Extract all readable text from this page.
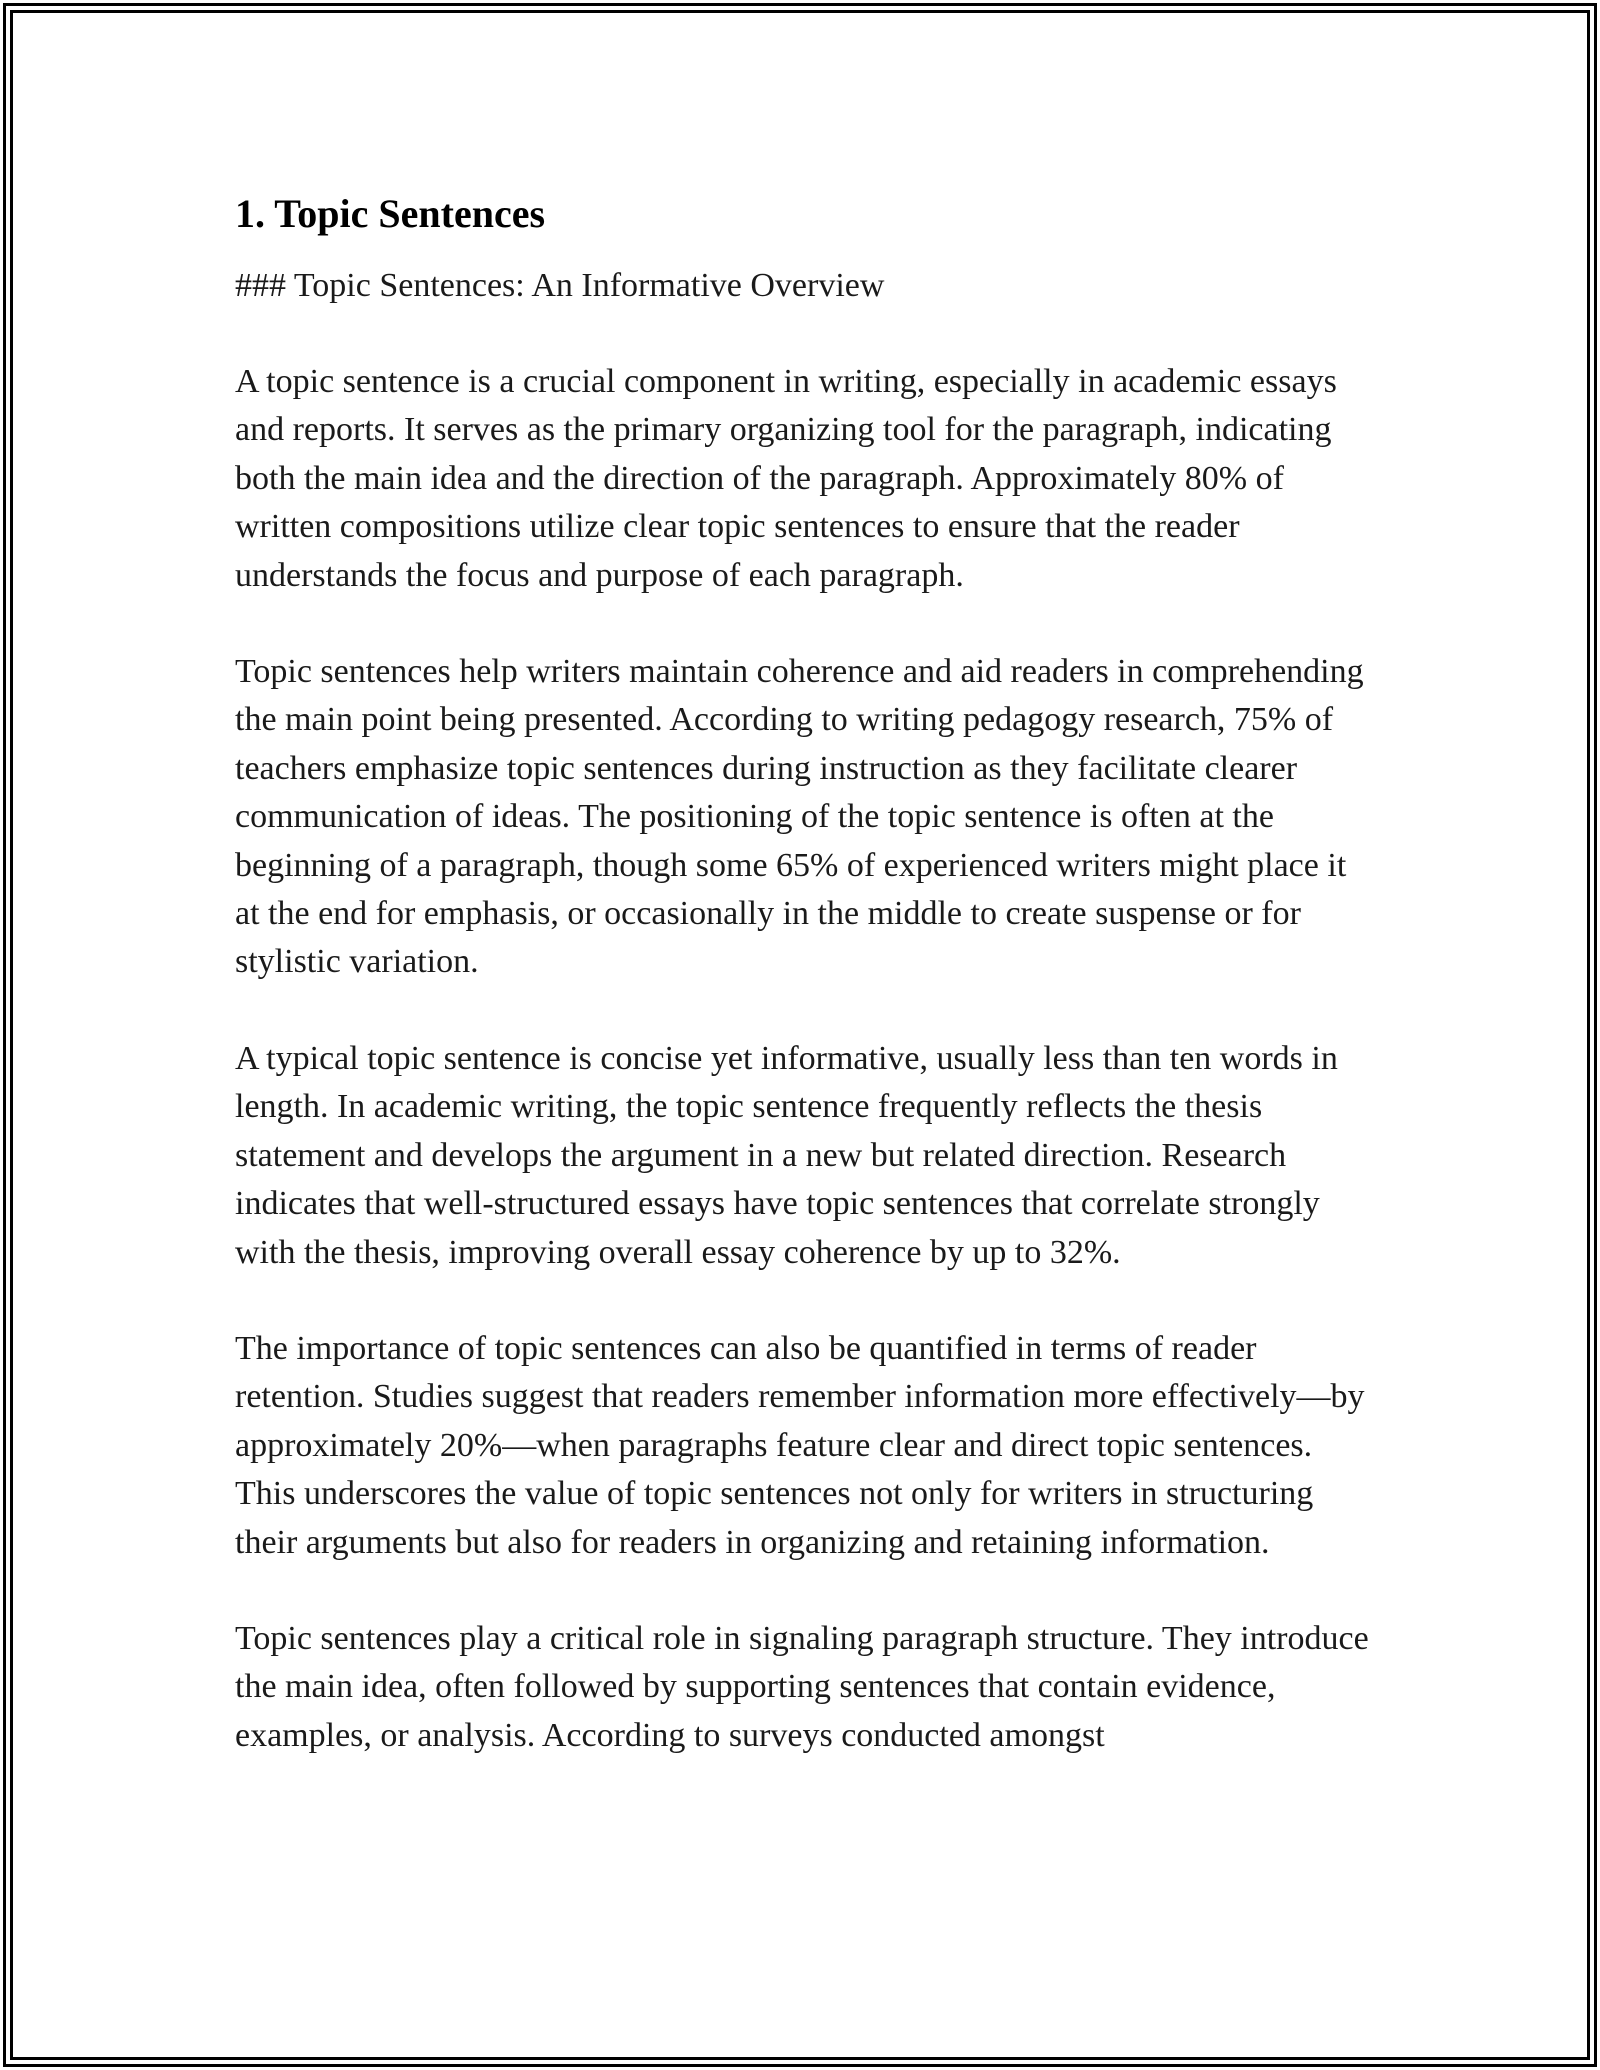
1. Topic Sentences

### Topic Sentences: An Informative Overview

A topic sentence is a crucial component in writing, especially in academic essays and reports. It serves as the primary organizing tool for the paragraph, indicating both the main idea and the direction of the paragraph. Approximately 80% of written compositions utilize clear topic sentences to ensure that the reader understands the focus and purpose of each paragraph.

Topic sentences help writers maintain coherence and aid readers in comprehending the main point being presented. According to writing pedagogy research, 75% of teachers emphasize topic sentences during instruction as they facilitate clearer communication of ideas. The positioning of the topic sentence is often at the beginning of a paragraph, though some 65% of experienced writers might place it at the end for emphasis, or occasionally in the middle to create suspense or for stylistic variation.

A typical topic sentence is concise yet informative, usually less than ten words in length. In academic writing, the topic sentence frequently reflects the thesis statement and develops the argument in a new but related direction. Research indicates that well-structured essays have topic sentences that correlate strongly with the thesis, improving overall essay coherence by up to 32%.

The importance of topic sentences can also be quantified in terms of reader retention. Studies suggest that readers remember information more effectively—by approximately 20%—when paragraphs feature clear and direct topic sentences. This underscores the value of topic sentences not only for writers in structuring their arguments but also for readers in organizing and retaining information.

Topic sentences play a critical role in signaling paragraph structure. They introduce the main idea, often followed by supporting sentences that contain evidence, examples, or analysis. According to surveys conducted amongst
